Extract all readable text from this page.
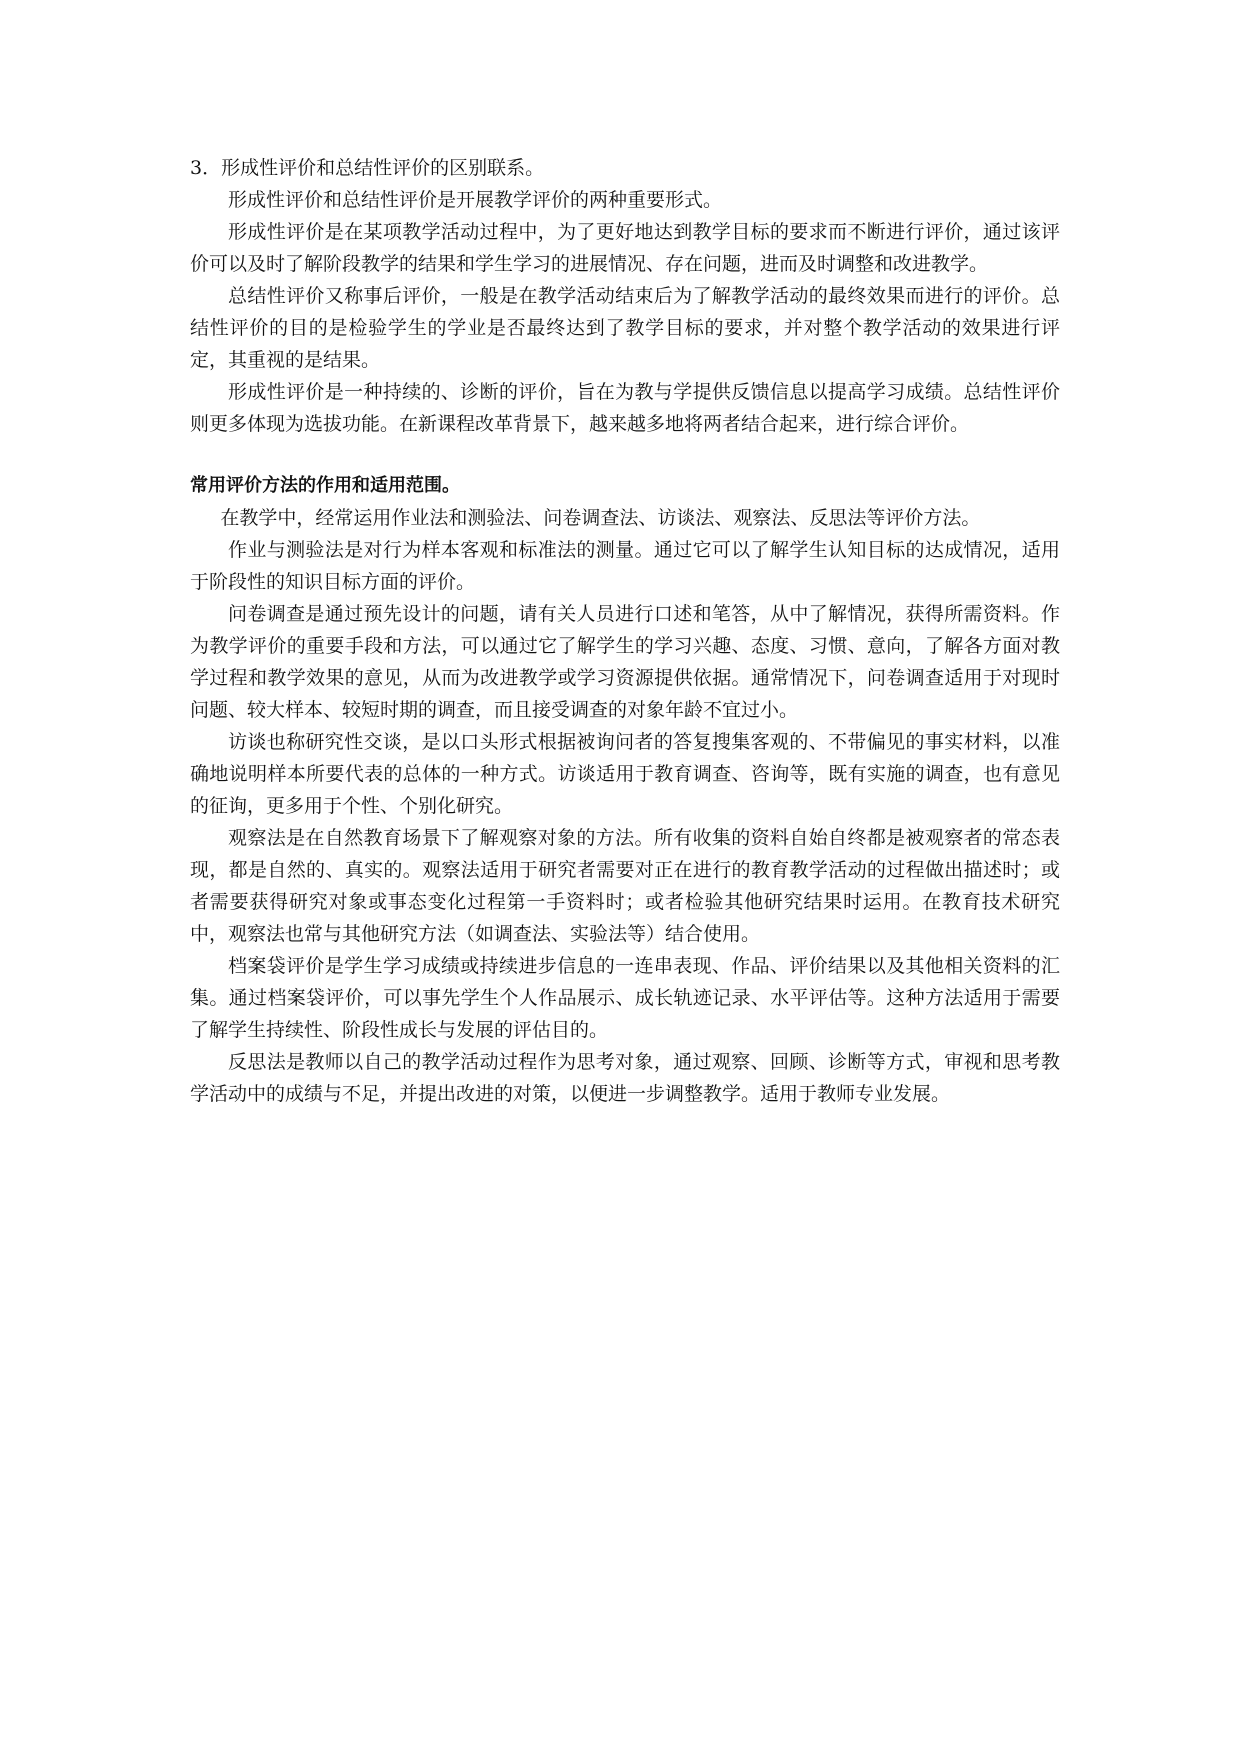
3．形成性评价和总结性评价的区别联系。

形成性评价和总结性评价是开展教学评价的两种重要形式。

形成性评价是在某项教学活动过程中，为了更好地达到教学目标的要求而不断进行评价，通过该评价可以及时了解阶段教学的结果和学生学习的进展情况、存在问题，进而及时调整和改进教学。

总结性评价又称事后评价，一般是在教学活动结束后为了解教学活动的最终效果而进行的评价。总结性评价的目的是检验学生的学业是否最终达到了教学目标的要求，并对整个教学活动的效果进行评定，其重视的是结果。

形成性评价是一种持续的、诊断的评价，旨在为教与学提供反馈信息以提高学习成绩。总结性评价则更多体现为选拔功能。在新课程改革背景下，越来越多地将两者结合起来，进行综合评价。

常用评价方法的作用和适用范围。

在教学中，经常运用作业法和测验法、问卷调查法、访谈法、观察法、反思法等评价方法。

作业与测验法是对行为样本客观和标准法的测量。通过它可以了解学生认知目标的达成情况，适用于阶段性的知识目标方面的评价。

问卷调查是通过预先设计的问题，请有关人员进行口述和笔答，从中了解情况，获得所需资料。作为教学评价的重要手段和方法，可以通过它了解学生的学习兴趣、态度、习惯、意向，了解各方面对教学过程和教学效果的意见，从而为改进教学或学习资源提供依据。通常情况下，问卷调查适用于对现时问题、较大样本、较短时期的调查，而且接受调查的对象年龄不宜过小。

访谈也称研究性交谈，是以口头形式根据被询问者的答复搜集客观的、不带偏见的事实材料，以准确地说明样本所要代表的总体的一种方式。访谈适用于教育调查、咨询等，既有实施的调查，也有意见的征询，更多用于个性、个别化研究。

观察法是在自然教育场景下了解观察对象的方法。所有收集的资料自始自终都是被观察者的常态表现，都是自然的、真实的。观察法适用于研究者需要对正在进行的教育教学活动的过程做出描述时；或者需要获得研究对象或事态变化过程第一手资料时；或者检验其他研究结果时运用。在教育技术研究中，观察法也常与其他研究方法（如调查法、实验法等）结合使用。

档案袋评价是学生学习成绩或持续进步信息的一连串表现、作品、评价结果以及其他相关资料的汇集。通过档案袋评价，可以事先学生个人作品展示、成长轨迹记录、水平评估等。这种方法适用于需要了解学生持续性、阶段性成长与发展的评估目的。

反思法是教师以自己的教学活动过程作为思考对象，通过观察、回顾、诊断等方式，审视和思考教学活动中的成绩与不足，并提出改进的对策，以便进一步调整教学。适用于教师专业发展。
